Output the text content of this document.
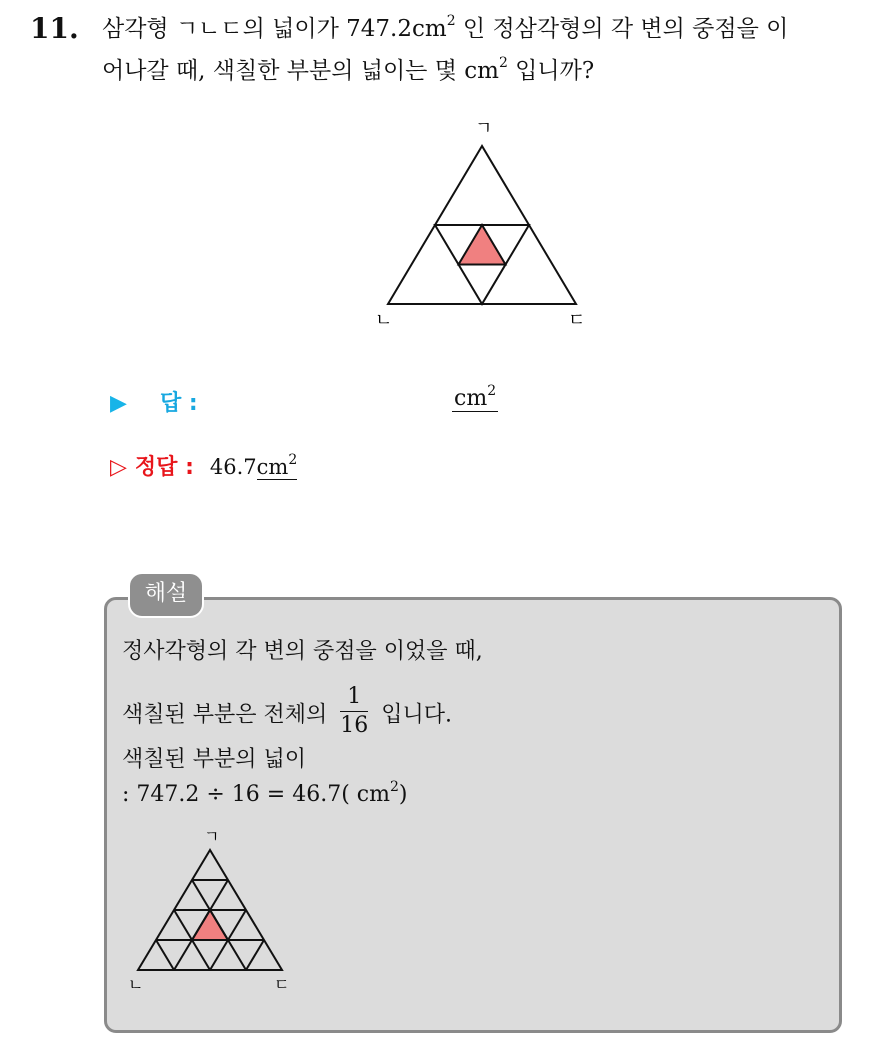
11. 삼각형 ㄱㄴㄷ의 넓이가 $747.2cm^2$ 인 정삼각형의 각 변의 중점을 이
어나갈 때, 색칠한 부분의 넓이는 몇 $cm^2$ 입니까?
ㄱ
ㄴ	ㄷ
▶ 답 :	$cm^2$
▷ 정답 : $46.7cm^2$
해설
정사각형의 각 변의 중점을 이었을 때,
색칠된 부분은 전체의 $\frac{1}{16}$ 입니다.
색칠된 부분의 넓이
: 747.2 ÷ 16 = 46.7( $cm^2$)
ㄱ
ㄴ	ㄷ
